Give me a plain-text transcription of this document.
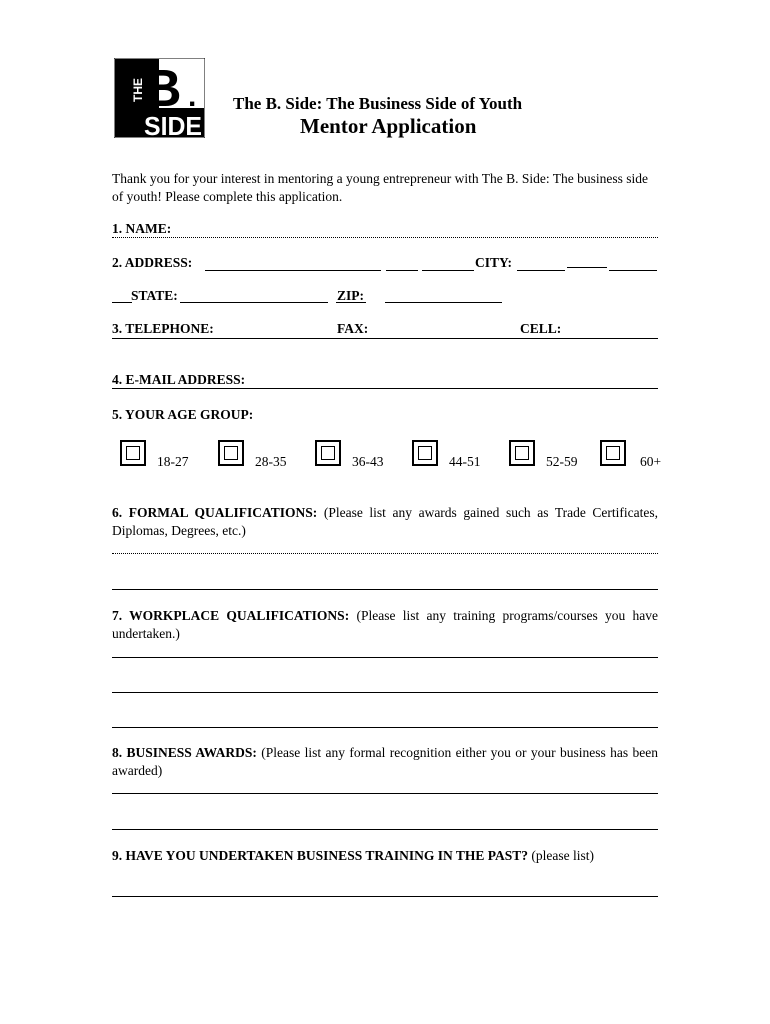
THE B .
SIDE
The B. Side: The Business Side of Youth
Mentor Application
Thank you for your interest in mentoring a young entrepreneur with The B. Side: The business side of youth! Please complete this application.
1. NAME:
2. ADDRESS:	CITY:
STATE:	ZIP:
3. TELEPHONE:	FAX:	CELL:
4. E-MAIL ADDRESS:
5. YOUR AGE GROUP:
18-27	28-35	36-43	44-51	52-59	60+
6. FORMAL QUALIFICATIONS: (Please list any awards gained such as Trade Certificates, Diplomas, Degrees, etc.)
7. WORKPLACE QUALIFICATIONS: (Please list any training programs/courses you have undertaken.)
8. BUSINESS AWARDS: (Please list any formal recognition either you or your business has been awarded)
9. HAVE YOU UNDERTAKEN BUSINESS TRAINING IN THE PAST? (please list)
